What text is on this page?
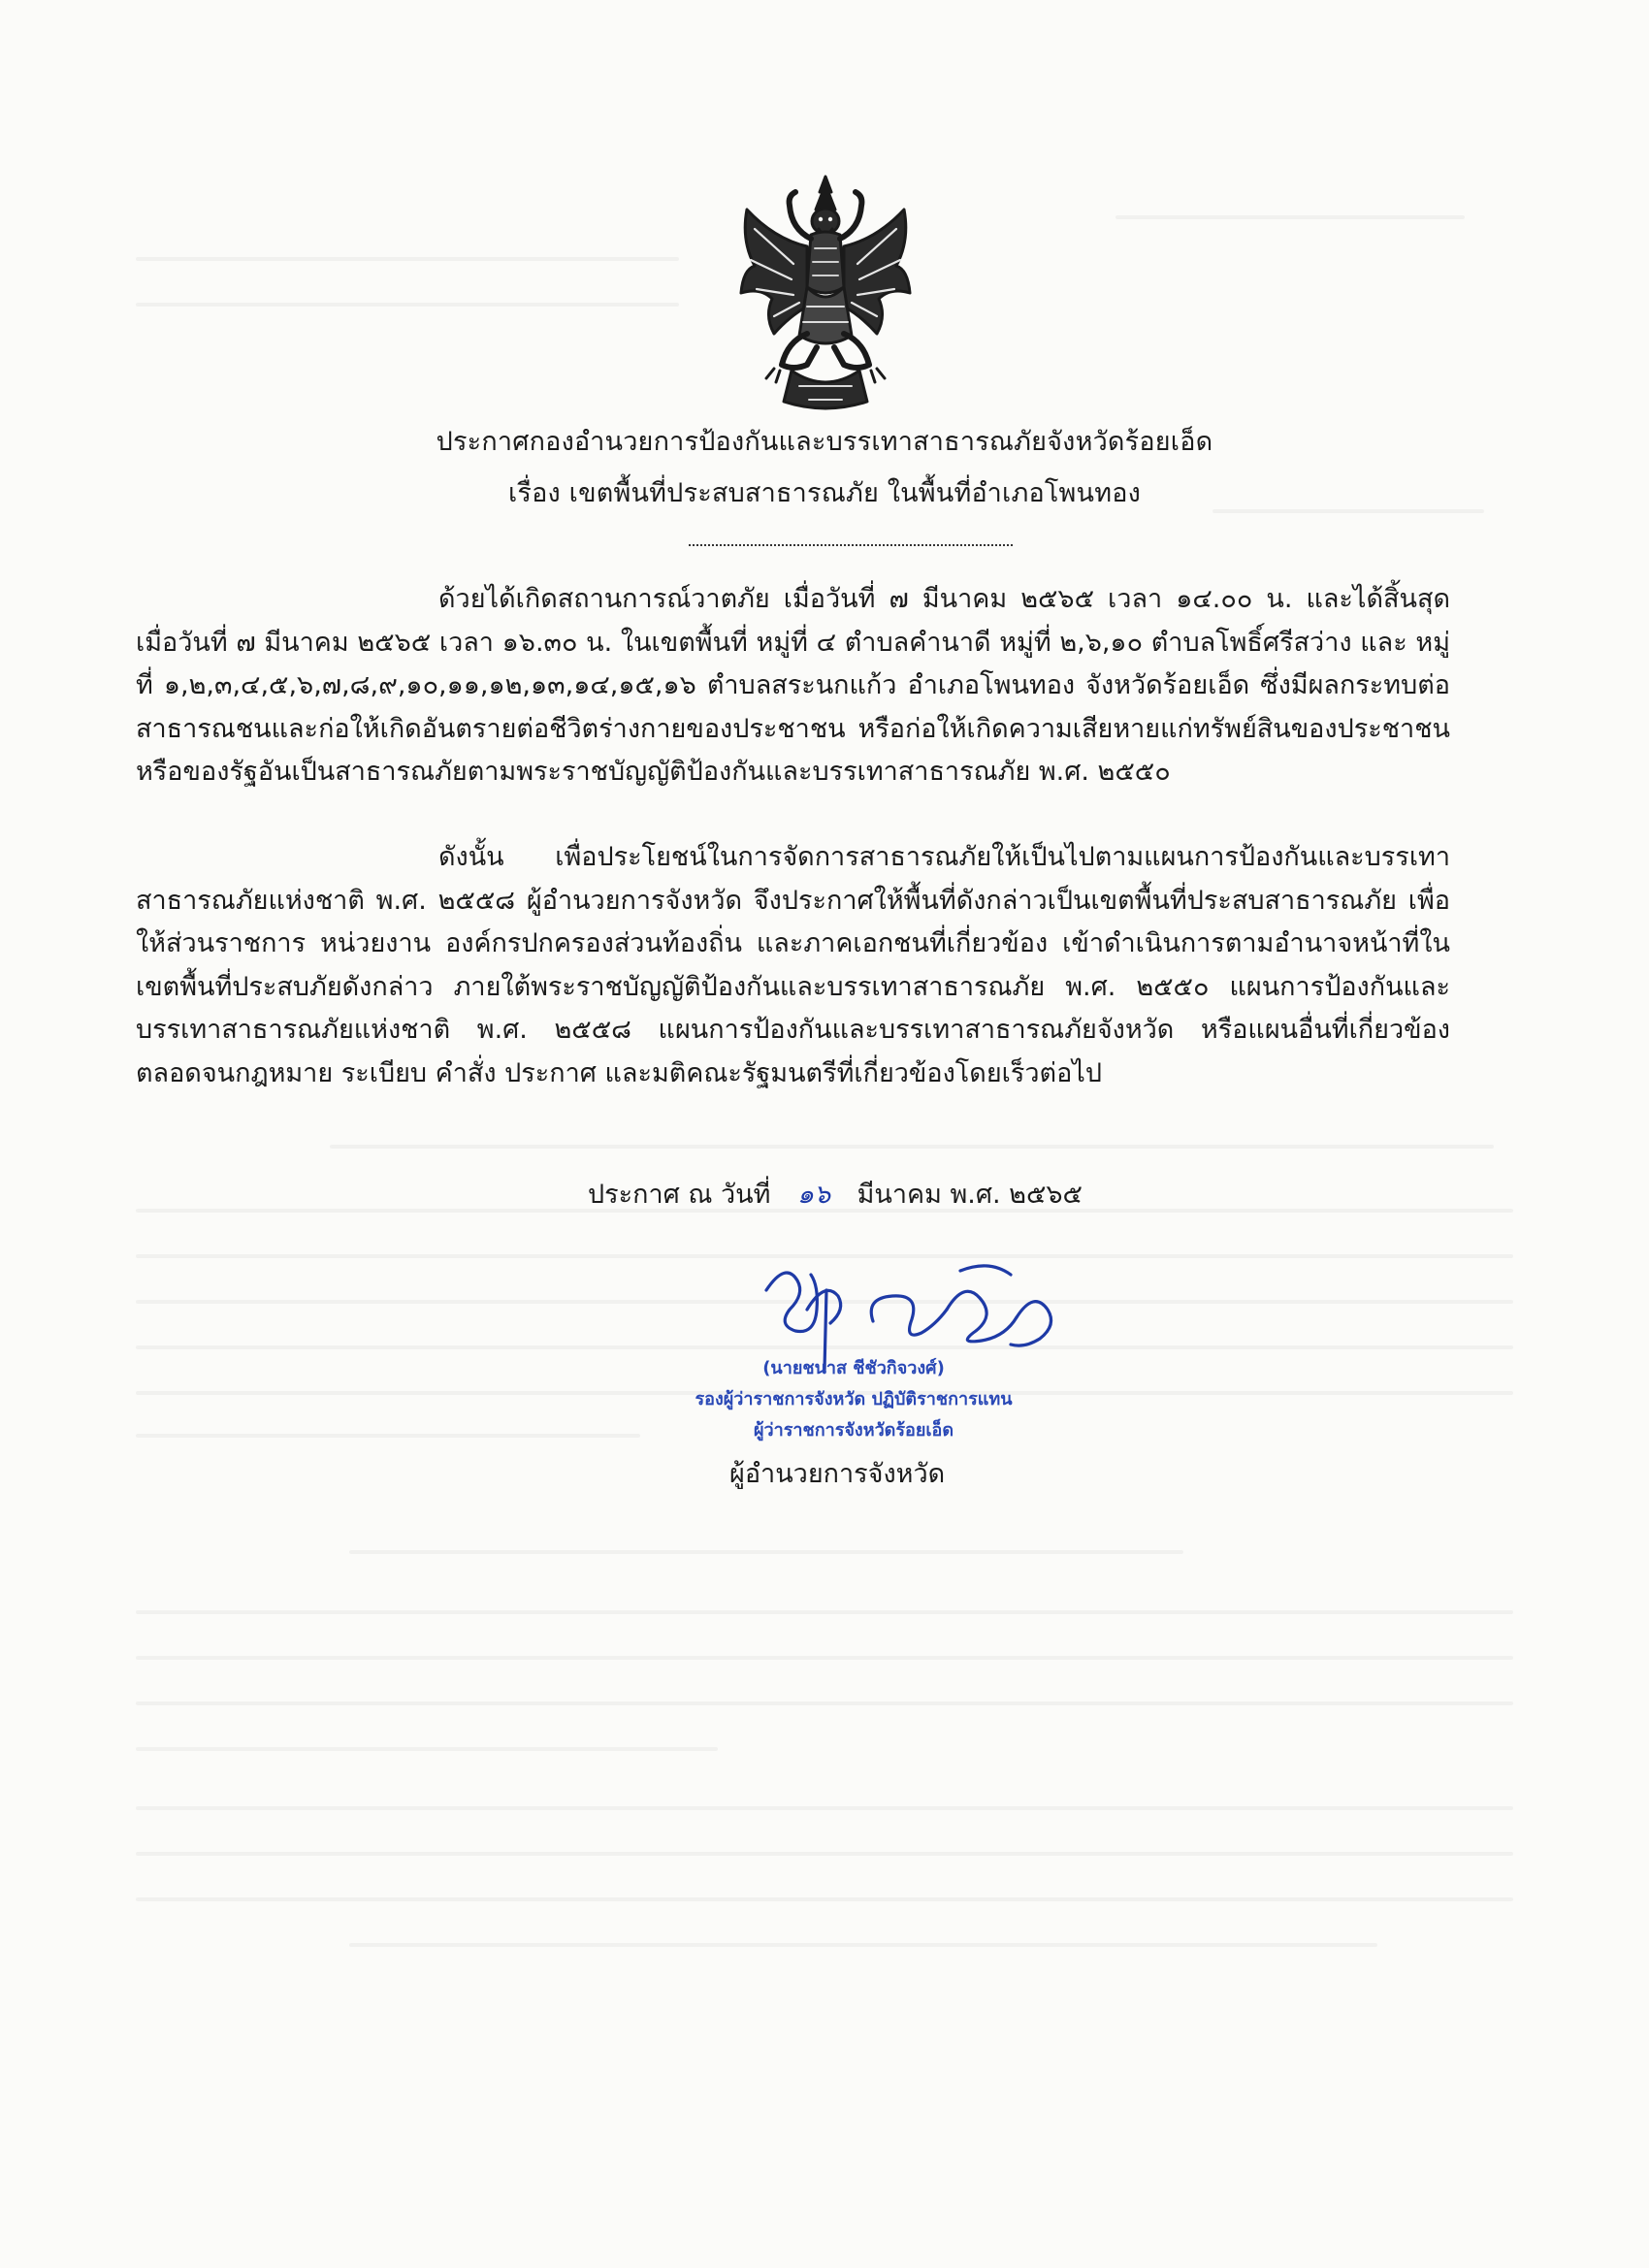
ประกาศกองอำนวยการป้องกันและบรรเทาสาธารณภัยจังหวัดร้อยเอ็ด
เรื่อง เขตพื้นที่ประสบสาธารณภัย ในพื้นที่อำเภอโพนทอง
ด้วยได้เกิดสถานการณ์วาตภัย เมื่อวันที่ ๗ มีนาคม ๒๕๖๕ เวลา ๑๔.๐๐ น. และได้สิ้นสุด เมื่อวันที่ ๗ มีนาคม ๒๕๖๕ เวลา ๑๖.๓๐ น. ในเขตพื้นที่ หมู่ที่ ๔ ตำบลคำนาดี หมู่ที่ ๒,๖,๑๐ ตำบลโพธิ์ศรีสว่าง และ หมู่ที่ ๑,๒,๓,๔,๕,๖,๗,๘,๙,๑๐,๑๑,๑๒,๑๓,๑๔,๑๕,๑๖ ตำบลสระนกแก้ว อำเภอโพนทอง จังหวัดร้อยเอ็ด ซึ่งมีผลกระทบต่อสาธารณชนและก่อให้เกิดอันตรายต่อชีวิตร่างกายของประชาชน หรือก่อให้เกิดความเสียหายแก่ทรัพย์สินของประชาชน หรือของรัฐอันเป็นสาธารณภัยตามพระราชบัญญัติป้องกันและบรรเทาสาธารณภัย พ.ศ. ๒๕๕๐
ดังนั้น เพื่อประโยชน์ในการจัดการสาธารณภัยให้เป็นไปตามแผนการป้องกันและบรรเทาสาธารณภัยแห่งชาติ พ.ศ. ๒๕๕๘ ผู้อำนวยการจังหวัด จึงประกาศให้พื้นที่ดังกล่าวเป็นเขตพื้นที่ประสบสาธารณภัย เพื่อให้ส่วนราชการ หน่วยงาน องค์กรปกครองส่วนท้องถิ่น และภาคเอกชนที่เกี่ยวข้อง เข้าดำเนินการตามอำนาจหน้าที่ในเขตพื้นที่ประสบภัยดังกล่าว ภายใต้พระราชบัญญัติป้องกันและบรรเทาสาธารณภัย พ.ศ. ๒๕๕๐ แผนการป้องกันและบรรเทาสาธารณภัยแห่งชาติ พ.ศ. ๒๕๕๘ แผนการป้องกันและบรรเทาสาธารณภัยจังหวัด หรือแผนอื่นที่เกี่ยวข้อง ตลอดจนกฎหมาย ระเบียบ คำสั่ง ประกาศ และมติคณะรัฐมนตรีที่เกี่ยวข้องโดยเร็วต่อไป
ประกาศ ณ วันที่ ๑๖ มีนาคม พ.ศ. ๒๕๖๕
(นายชนาส ชีชัวกิจวงศ์)
รองผู้ว่าราชการจังหวัด ปฏิบัติราชการแทน
ผู้ว่าราชการจังหวัดร้อยเอ็ด
ผู้อำนวยการจังหวัด
